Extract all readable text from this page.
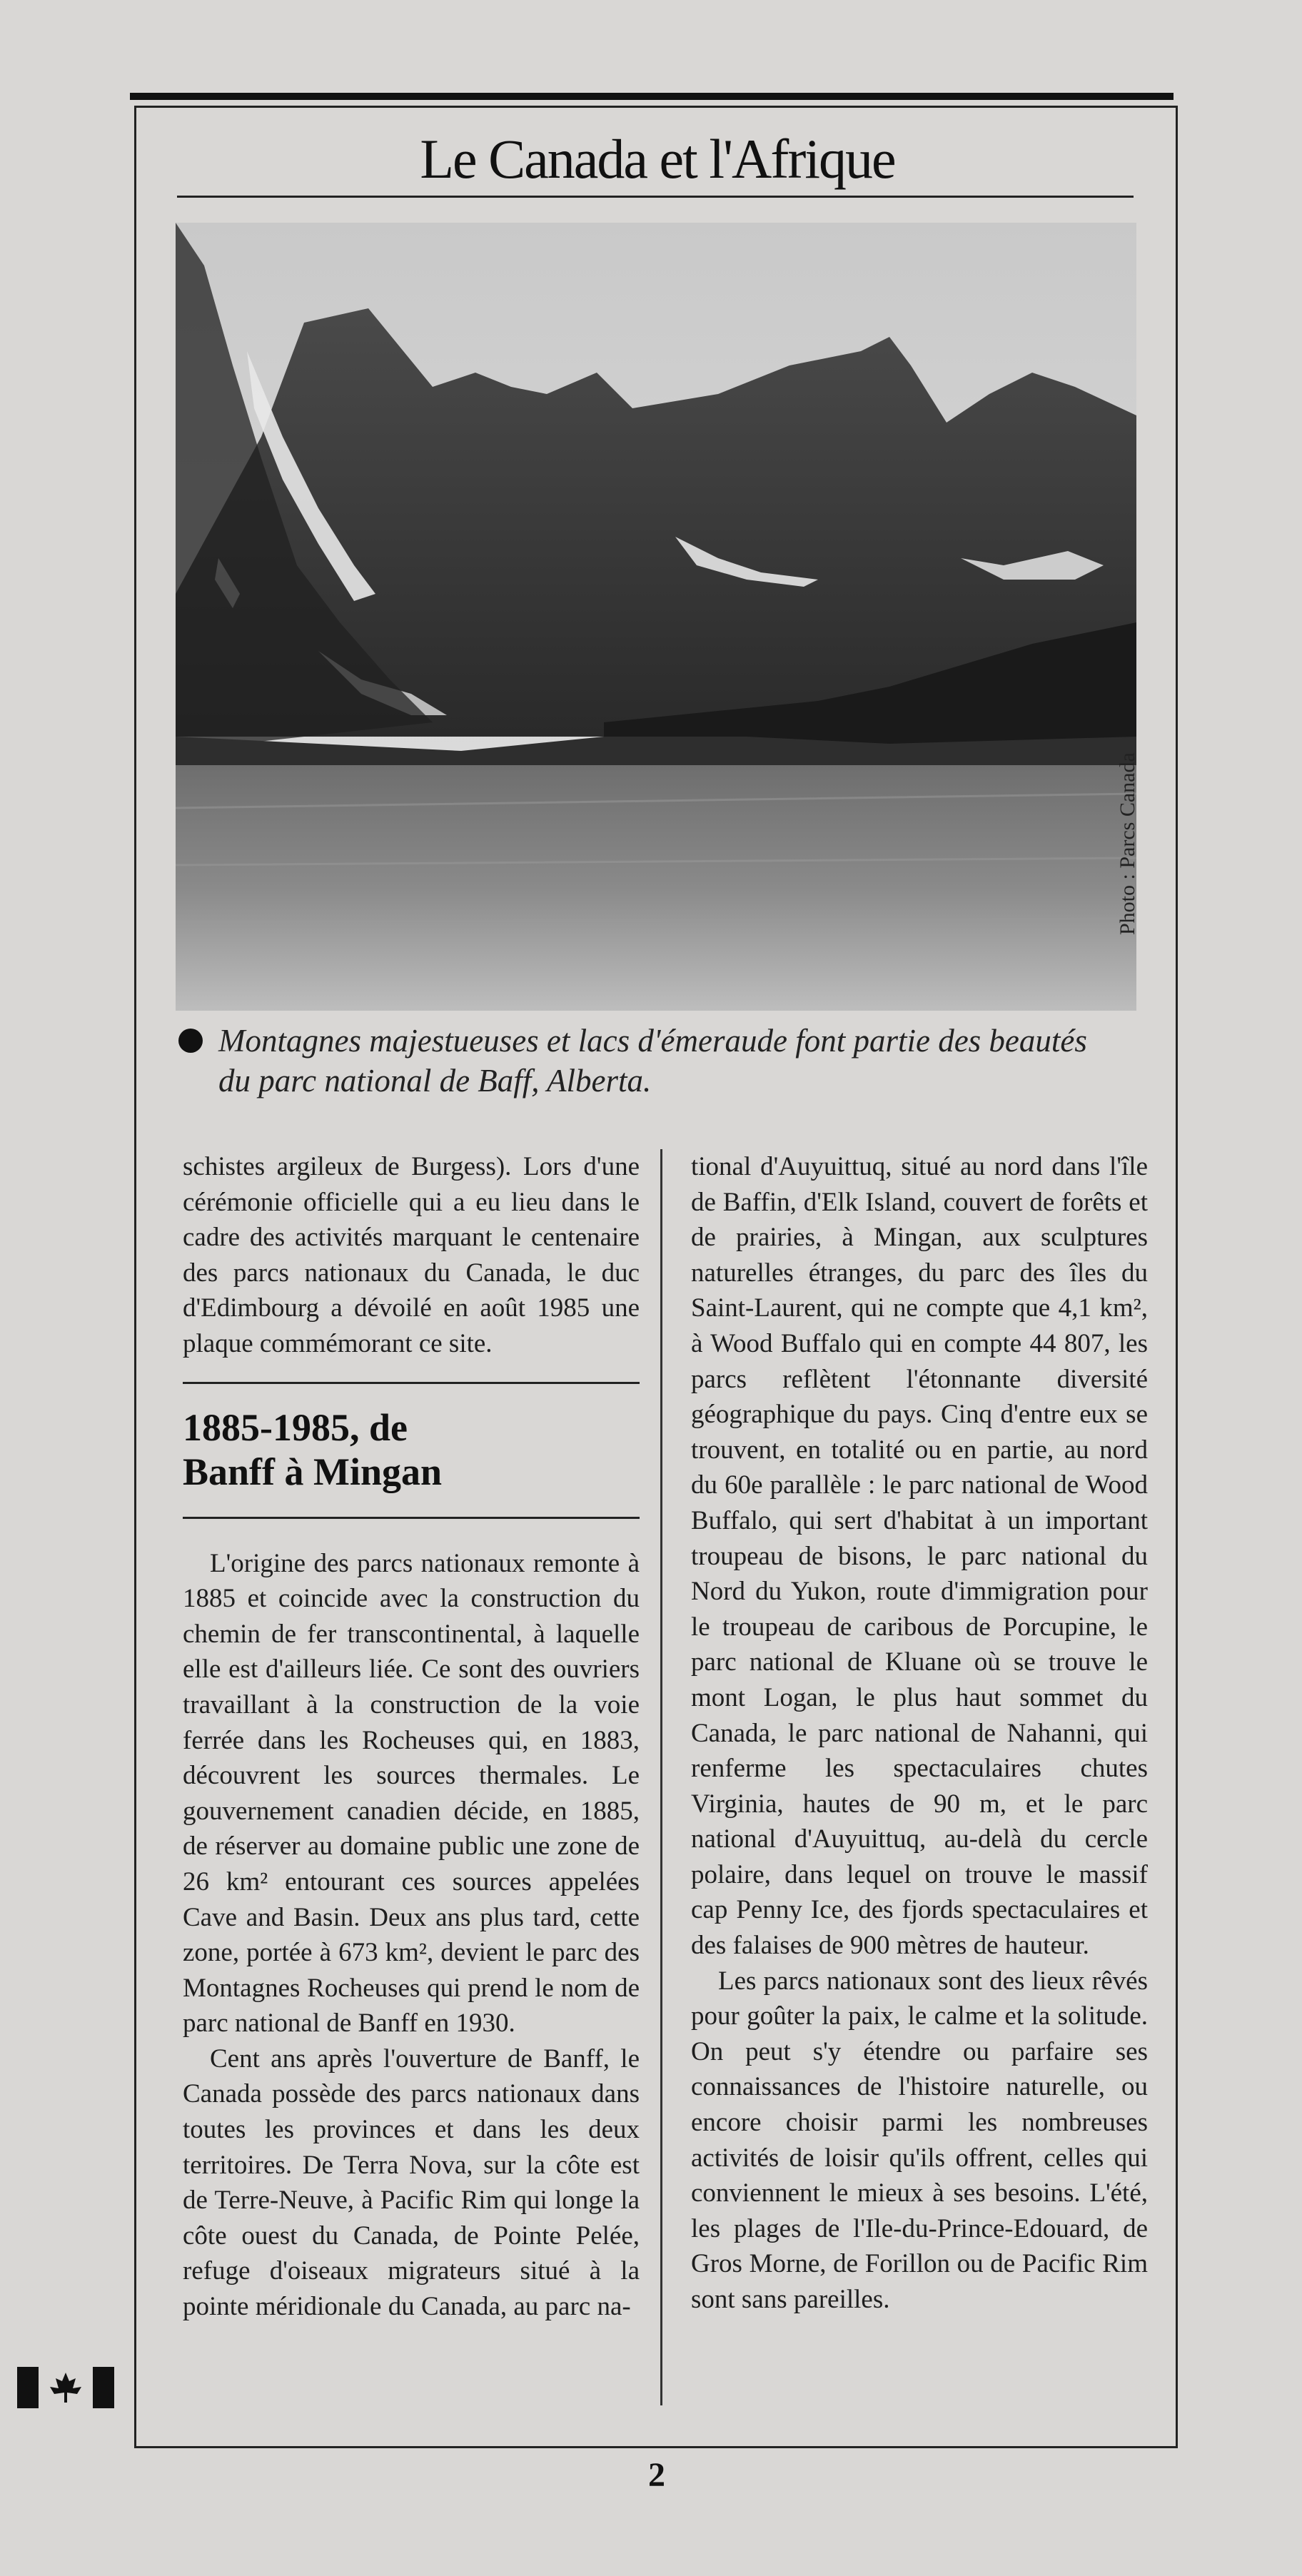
Le Canada et l'Afrique
Photo : Parcs Canada
Montagnes majestueuses et lacs d'émeraude font partie des beautés
du parc national de Baff, Alberta.

schistes argileux de Burgess). Lors d'une cérémonie officielle qui a eu lieu dans le cadre des activités marquant le centenaire des parcs nationaux du Canada, le duc d'Edimbourg a dévoilé en août 1985 une plaque commémorant ce site.

1885-1985, de
Banff à Mingan

L'origine des parcs nationaux remonte à 1885 et coincide avec la construction du chemin de fer transcontinental, à laquelle elle est d'ailleurs liée. Ce sont des ouvriers travaillant à la construction de la voie ferrée dans les Rocheuses qui, en 1883, découvrent les sources thermales. Le gouvernement canadien décide, en 1885, de réserver au domaine public une zone de 26 km² entourant ces sources appelées Cave and Basin. Deux ans plus tard, cette zone, portée à 673 km², devient le parc des Montagnes Rocheuses qui prend le nom de parc national de Banff en 1930.

Cent ans après l'ouverture de Banff, le Canada possède des parcs nationaux dans toutes les provinces et dans les deux territoires. De Terra Nova, sur la côte est de Terre-Neuve, à Pacific Rim qui longe la côte ouest du Canada, de Pointe Pelée, refuge d'oiseaux migrateurs situé à la pointe méridionale du Canada, au parc na-

tional d'Auyuittuq, situé au nord dans l'île de Baffin, d'Elk Island, couvert de forêts et de prairies, à Mingan, aux sculptures naturelles étranges, du parc des îles du Saint-Laurent, qui ne compte que 4,1 km², à Wood Buffalo qui en compte 44 807, les parcs reflètent l'étonnante diversité géographique du pays. Cinq d'entre eux se trouvent, en totalité ou en partie, au nord du 60e parallèle : le parc national de Wood Buffalo, qui sert d'habitat à un important troupeau de bisons, le parc national du Nord du Yukon, route d'immigration pour le troupeau de caribous de Porcupine, le parc national de Kluane où se trouve le mont Logan, le plus haut sommet du Canada, le parc national de Nahanni, qui renferme les spectaculaires chutes Virginia, hautes de 90 m, et le parc national d'Auyuittuq, au-delà du cercle polaire, dans lequel on trouve le massif cap Penny Ice, des fjords spectaculaires et des falaises de 900 mètres de hauteur.

Les parcs nationaux sont des lieux rêvés pour goûter la paix, le calme et la solitude. On peut s'y étendre ou parfaire ses connaissances de l'histoire naturelle, ou encore choisir parmi les nombreuses activités de loisir qu'ils offrent, celles qui conviennent le mieux à ses besoins. L'été, les plages de l'Ile-du-Prince-Edouard, de Gros Morne, de Forillon ou de Pacific Rim sont sans pareilles.

2
